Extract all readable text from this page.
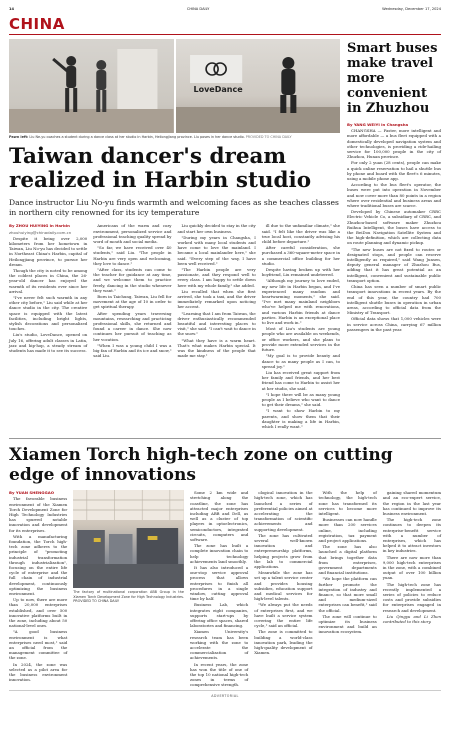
14	CHINA DAILY	Wednesday, December 17, 2024
CHINA
LoveDance
Pawn left: Liu Ne-yu coaches a student during a dance class at her studio in Harbin, Heilongjiang province. Liu poses in her dance studio. PROVIDED TO CHINA DAILY
Taiwan dancer's dream realized in Harbin studio
Dance instructor Liu No-yu finds warmth and welcoming faces as she teaches classes in northern city renowned for its icy temperature

By ZHOU HUIYING in Harbin

zhouhuiying@chinadaily.com.cn

Despite it being over 2,000 kilometers from her hometown in Taiwan, Liu No-yu has decided to settle in Northeast China's Harbin, capital of Heilongjiang province, to pursue her dream.

Though the city is noted to be among the coldest places in China, the 26-year-old dancer has enjoyed the warmth of its residents ever since her arrival.

"I've never felt such warmth in any other city before," Liu said while at her dance studio in the city. The creative space is equipped with the latest facilities, including bright lights, stylish decorations and personalized touches.

Liu's studio, LoveDance, opened on July 16, offering adult classes in Latin, jazz and hip-hop, a steady stream of students has made it to see its success.

Americans of the warm and cozy environment, personalized service and professional teaching quality spread by word of mouth and social media.

"So far, we have received over 40 students," said Liu. "The people in Harbin are very open and welcoming, they love to dance."

"After class, students can come to the teacher for guidance at any time, and we welcome them to practice freely, dancing in the studio whenever they want."

Born in Taichung, Taiwan, Liu fell for movement at the age of 10 in order to get spiritual therapy.

After spending years traversing mountains, researching and practicing professional skills, she returned and found a career in dance. She now continues her pursuit of teaching as her vocation.

"When I was a young child I was a big fan of Harbin and its ice and snow," said Liu.

Liu quickly decided to stay in the city and start her own business.

"During my years in Changsha, I worked with many local students and have come to love the mainland. I became a local mainlander here," she said. "Every step of the way, I have been well received."

"The Harbin people are very passionate, and they respond well to every class. I am happy to settle down here with my whole family," she added.

Liu recalled that when she first arrived, she took a taxi, and the driver immediately remarked upon noticing her accent.

"Learning that I am from Taiwan, the driver enthusiastically recommended beautiful and interesting places to visit," she said. "I can't wait to dance in the snow."

"What they have is a warm heart. That's what makes Harbin special. It was the kindness of the people that made me stay."

ill due to the unfamiliar climate," she said. "I felt like the driver was like a true local host, constantly advising his child before departure."

After careful consideration, she purchased a 360-square-meter space in a commercial office building for her studio.

Despite having broken up with her boyfriend, Liu remained undeterred.

"Although my journey to love ended, my new life in Harbin began, and I've experienced many random and heartwarming moments," she said. "I've met many mainland neighbors who've helped me with renovations, and various Harbin friends at dance parties. Harbin is an exceptional place to live and work in."

Most of Liu's students are young people who are available on weekends, or office workers, and she plans to provide more extended services in the future.

"My goal is to provide beauty and dance to as many people as I can, to spread joy."

Liu has received great support from her family and friends, and her best friend has come to Harbin to assist her at her studio, she said.

"I hope there will be as many young people as I believe who want to dance to get their dreams," she said.

"I want to show Harbin to my parents, and show them that their daughter is making a life in Harbin, which I really want."

Smart buses make travel more convenient in Zhuzhou

By YANG WEIYI in Changsha

CHANGSHA — Faster, more intelligent and more affordable — a bus fleet equipped with a domestically developed navigation system and other technologies, is providing a ride-hailing service for 100,000 people in the city of Zhuzhou, Hunan province.

For only 2 yuan (28 cents), people can make a quick online reservation to hail a shuttle bus by phone and board with the fleet's 6 minutes, using a mobile phone app.

According to the bus fleet's operator, the buses were put into operation in November and now cover more than 80 points in a region where over residential and business areas and where traditional buses are scarce.

Developed by Chinese automaker CRRC Electric Vehicle Co, a subsidiary of CRRC, and Zhuzhou-based software maker Zhuzhou Ruihua Intelligent, the buses have access to the BeiDou Navigation Satellite System and the high-definition, which are collecting data on route planning and dynamic pickup.

"The new buses are not fixed to routes or designated stops, and people can reserve intelligently as required," said Wang Junsen, deputy general manager of Zhuzhou Bus, adding that it has great potential as an intelligent, convenient and sustainable public transport option.

China has seen a number of smart public transport innovations in recent years. By the end of this year, the country had 700 intelligent shuttle buses in operation in urban areas, according to official data from the Ministry of Transport.

Official data shows that 1,000 vehicles were in service across China, carrying 67 million passengers in the past year.

Xiamen Torch high-tech zone on cutting edge of innovations

By YUAN SHENGGAO

The favorable business environment of the Xiamen Torch Development Zone for High Technology Industries has spurred notable innovation and development for its enterprises.

With a manufacturing foundation, the Torch high-tech zone adheres to the principle of "promoting industrial transformation through industrialization", focusing on the entire life cycle of enterprise and the full chain of industrial development, continuously optimizing the business environment.

Up to now, there are more than 20,000 enterprises established, and over 500 innovative platforms built in the zone, including about 50 national-level ones.

"A good business environment is what enterprises need most," said an official from the management committee of the zone.

In 2024, the zone was selected as a pilot area for the business environment innovation.

The factory of multinational corporation ABB Group in the Xiamen Torch Development Zone for High Technology Industries. PROVIDED TO CHINA DAILY

Some 2 km wide and stretching along the coastline, the zone has attracted major enterprises including ABB and Dell, as well as a cluster of top players in optoelectronics, semiconductors, integrated circuits, computers and software.

The zone has built a complete innovation chain to help technology achievements land smoothly.

It has also introduced a one-stop service approval process that allows enterprises to finish all procedures in a single window, cutting approval time by half.

Business Lab, which integrates eight companies, supports start-ups by offering office spaces, shared laboratories and financing.

Xiamen University's research team has been working with the zone to accelerate the commercialization of achievements.

In recent years, the zone has won the title of one of the top 10 national high-tech zones in terms of comprehensive strength.

ological innovation in the high-tech zone, which has launched a series of preferential policies aimed at accelerating the transformation of scientific achievements and supporting development.

The zone has cultivated several well-known innovation and entrepreneurship platforms, helping projects grow from the lab to commercial applications.

Meanwhile the zone has set up a talent service center and provides housing subsidies, education support and medical services for high-level talents.

"We always put the needs of enterprises first, and we have built a service system covering the entire life cycle," said an official.

The zone is committed to building a world-class innovation park, leading the high-quality development of Xiamen.

With the help of technology, the high-tech zone has transformed its services to become more intelligent.

Businesses can now handle more than 200 services online, including registration, tax payment and project applications.

The zone has also launched a digital platform that brings together data from enterprises, government departments and financial institutions.

"We hope the platform can further promote the integration of industry and finance, so that more small and medium-sized enterprises can benefit," said the official.

The zone will continue to optimize its business environment and build an innovation ecosystem.

gaining shared momentum and an eco-expert service, the region in the last year has continued to improve its business environment.

The high-tech zone continues to deepen its enterprise-benefit service with a number of enterprises, which has helped it to attract investors in key industries.

There are now more than 9,000 high-tech enterprises in the zone, with a combined output of over 100 billion yuan.

The high-tech zone has recently implemented a series of policies to reduce costs and provide subsidies for enterprises engaged in research and development.

Liu Qingyu and Li Zhen contributed to this story.

ADVERTORIAL
